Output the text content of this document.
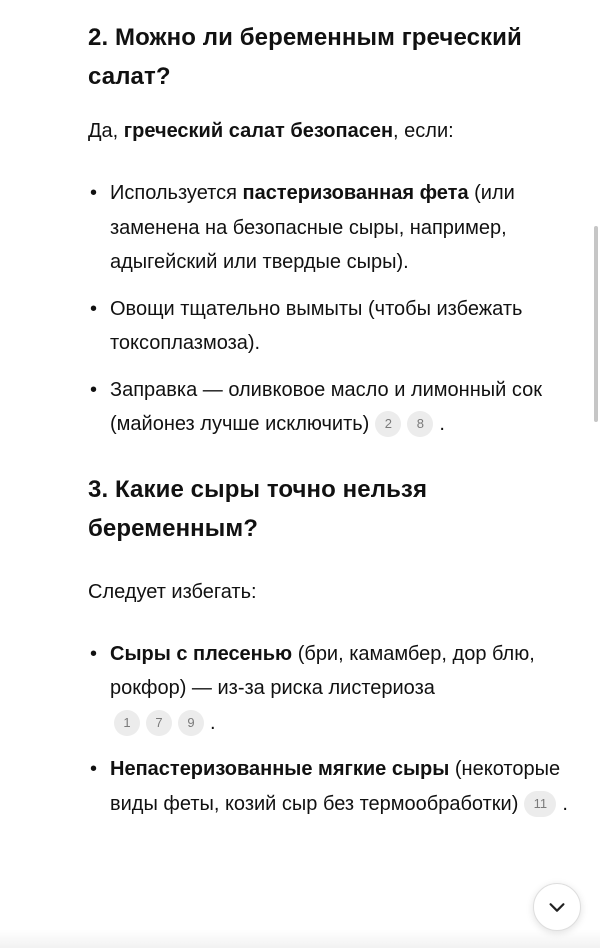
2. Можно ли беременным греческий салат?

Да, греческий салат безопасен, если:

• Используется пастеризованная фета (или заменена на безопасные сыры, например, адыгейский или твердые сыры).
• Овощи тщательно вымыты (чтобы избежать токсоплазмоза).
• Заправка — оливковое масло и лимонный сок (майонез лучше исключить) 2 8 .
3. Какие сыры точно нельзя беременным?

Следует избегать:

• Сыры с плесенью (бри, камамбер, дор блю, рокфор) — из-за риска листериоза
1 7 9 .
• Непастеризованные мягкие сыры (некоторые виды феты, козий сыр без термообработки) 11 .
